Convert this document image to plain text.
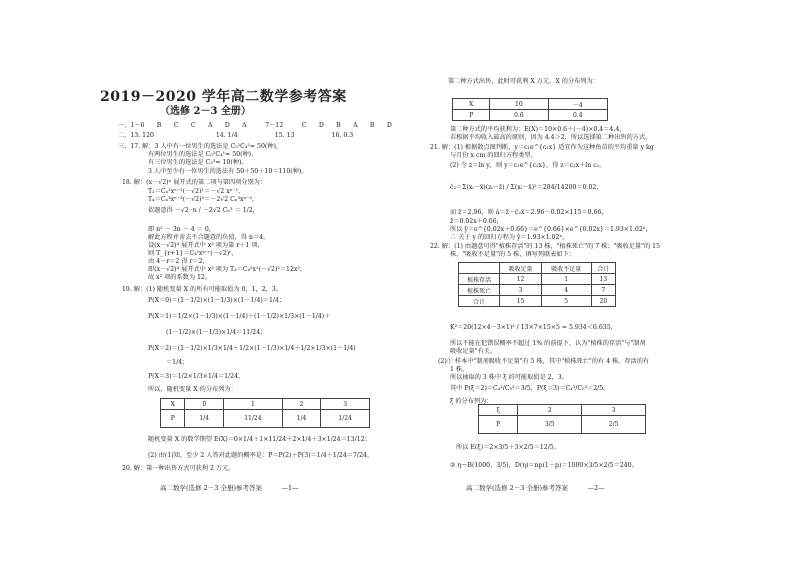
2019－2020 学年高二数学参考答案
（选修 2－3 全册）
一、1－6　　B　　C　　C　　A　　D　　A　　　7－12　　　C　　D　　B　　A　　B　　D
二、13. 120　　　　　　　　　　14. 1/4　　　　　　15. 13　　　　　　16. 0.3
三、17. 解：3 人中有一位男生的选法是 C₅¹C₄²= 50(种)，
有两位男生的选法是 C₅²C₄¹= 50(种)，
有三位男生的选法是 C₅³= 10(种)。
3 人中至少有一位男生的选法有 50＋50＋10＝110(种)。
18. 解：(x－√2)ⁿ 展开式的第二项与第四项分别为：
T₂＝Cₙ¹xⁿ⁻¹(－√2)¹＝－√2 xⁿ⁻¹，
T₄＝Cₙ³xⁿ⁻³(－√2)³＝－2√2 Cₙ³xⁿ⁻³，
依题意得 －√2 ·n / －2√2 Cₙ³ ＝ 1/2，
即 n² － 3n － 4 ＝ 0，
解此方程并舍去不合题意的负值，得 n＝4。
设(x－√2)⁴ 展开式中 x² 项为第 r＋1 项，
则 T_{r+1}＝C₄ʳx⁴⁻ʳ(－√2)ʳ，
由 4－r＝2 得 r＝2，
即(x－√2)⁴ 展开式中 x² 项为 T₃＝C₄²x²(－√2)²＝12x²，
故 x² 项的系数为 12。
19. 解：(1) 随机变量 X 的所有可能取值为 0，1，2，3。
P(X＝0)＝(1－1/2)×(1－1/3)×(1－1/4)＝1/4；
P(X＝1)＝1/2×(1－1/3)×(1－1/4)＋(1－1/2)×1/3×(1－1/4)＋
(1－1/2)×(1－1/3)×1/4＝11/24；
P(X＝2)＝(1－1/2)×1/3×1/4＋1/2×(1－1/3)×1/4＋1/2×1/3×(1－1/4)
＝1/4；
P(X＝3)＝1/2×1/3×1/4＝1/24，
所以，随机变量 X 的分布列为：
X	0	1	2	3
P	1/4	11/24	1/4	1/24
随机变量 X 的数学期望 E(X)＝0×1/4＋1×11/24＋2×1/4＋3×1/24＝13/12；
(2) 由(1)知，至少 2 人答对此题的概率是：P＝P(2)＋P(3)＝1/4＋1/24＝7/24。
20. 解：第一种出售方式可获利 2 万元。
高二数学(选修 2－3 全册)参考答案　　　—1—
第二种方式出售，此时可获利 X 万元，X 的分布列为：
X	10	－4
P	0.6	0.4
第二种方式的平均获利为：E(X)＝10×0.6＋(－4)×0.4＝4.4，
若根据平均收入最高的原则，因为 4.4＞2，所以选择第二种出售的方式。
21. 解：(1) 根据散点图判断，y＝c₁e^{c₂x} 适宜作为这种鱼苗的平均重量 y kg
与月份 x cm 的回归方程类型。
(2) 令 z＝ln y，则 y＝c₁e^{c₂x}，得 z＝c₂x＋ln c₁。
ĉ₂＝Σ(xᵢ－x̄)(zᵢ－z̄) / Σ(xᵢ－x̄)²＝284/14200＝0.02，
而 z̄＝2.96，则 â＝z̄－ĉ₂x̄＝2.96－0.02×115＝0.66，
ẑ＝0.02x＋0.66，
所以 ŷ＝e^{0.02x＋0.66}＝e^{0.66}×e^{0.02x}＝1.93×1.02ˣ，
∴ 关于 y 的回归方程为 ŷ＝1.93×1.02ˣ。
22. 解：(1) 由题意可得"植株存活"的 13 株，"植株死亡"的 7 株；"吸收足量"的 15
株，"吸收不足量"的 5 株，填写列联表如下：
	吸收足量	吸收不足量	合计
植株存活	12	1	13
植株死亡	3	4	7
合计	15	5	20
K²＝20(12×4－3×1)² / 13×7×15×5 ≈ 5.934＜6.635，
所以不能在犯错误概率不超过 1% 的前提下，认为"植株的存活"与"制剂
吸收足量"有关。
(2)① 样本中"制剂吸收不足量"有 5 株，其中"植株死亡"的有 4 株，存活的有
1 株，
所以抽取的 3 株中 ξ 的可能取值是 2，3。
其中 P(ξ＝2)＝C₄²/C₅³＝3/5，P(ξ＝3)＝C₄³/C₅³＝2/5。
ξ 的分布列为：
ξ	2	3
P	3/5	2/5
所以 E(ξ)＝2×3/5＋3×2/5＝12/5。
② η～B(1000，3/5)，D(η)＝np(1－p)＝1000×3/5×2/5＝240。
高二数学(选修 2－3 全册)参考答案　　　—2—
